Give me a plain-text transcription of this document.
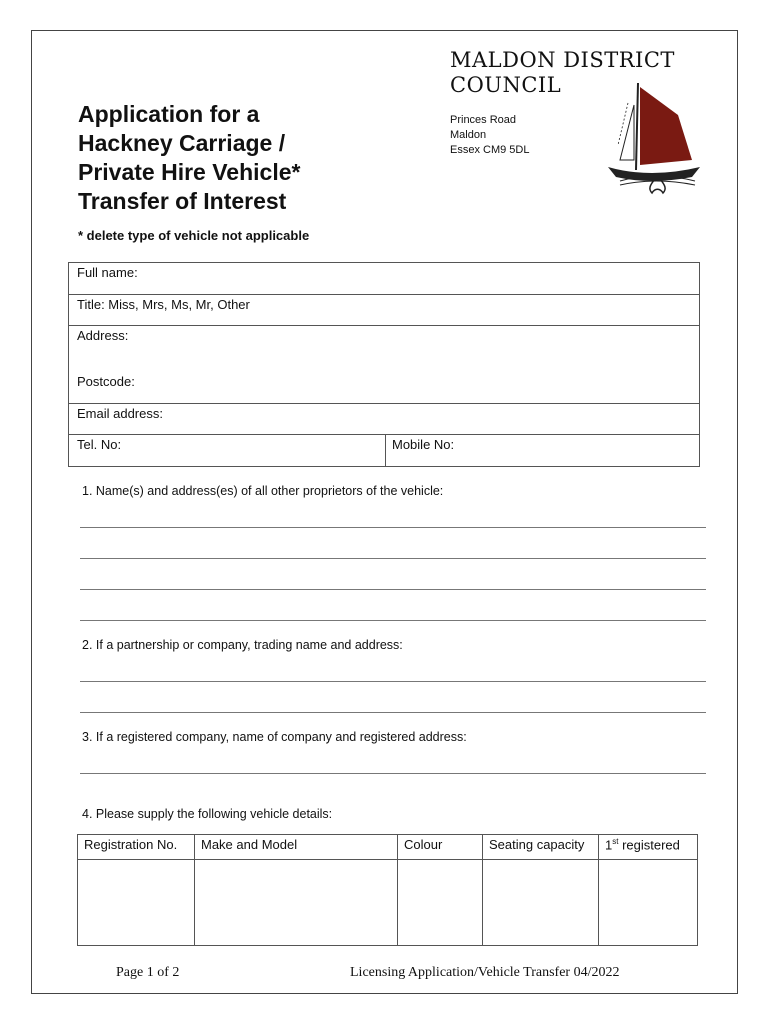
Application for a
Hackney Carriage /
Private Hire Vehicle*
Transfer of Interest
* delete type of vehicle not applicable
MALDON DISTRICT
COUNCIL
Princes Road
Maldon
Essex CM9 5DL
Full name:
Title: Miss, Mrs, Ms, Mr, Other
Address:
Postcode:
Email address:
Tel. No:	Mobile No:
1. Name(s) and address(es) of all other proprietors of the vehicle:
2. If a partnership or company, trading name and address:
3. If a registered company, name of company and registered address:
4. Please supply the following vehicle details:
Registration No.	Make and Model	Colour	Seating capacity	1st registered

Page 1 of 2	Licensing Application/Vehicle Transfer 04/2022
